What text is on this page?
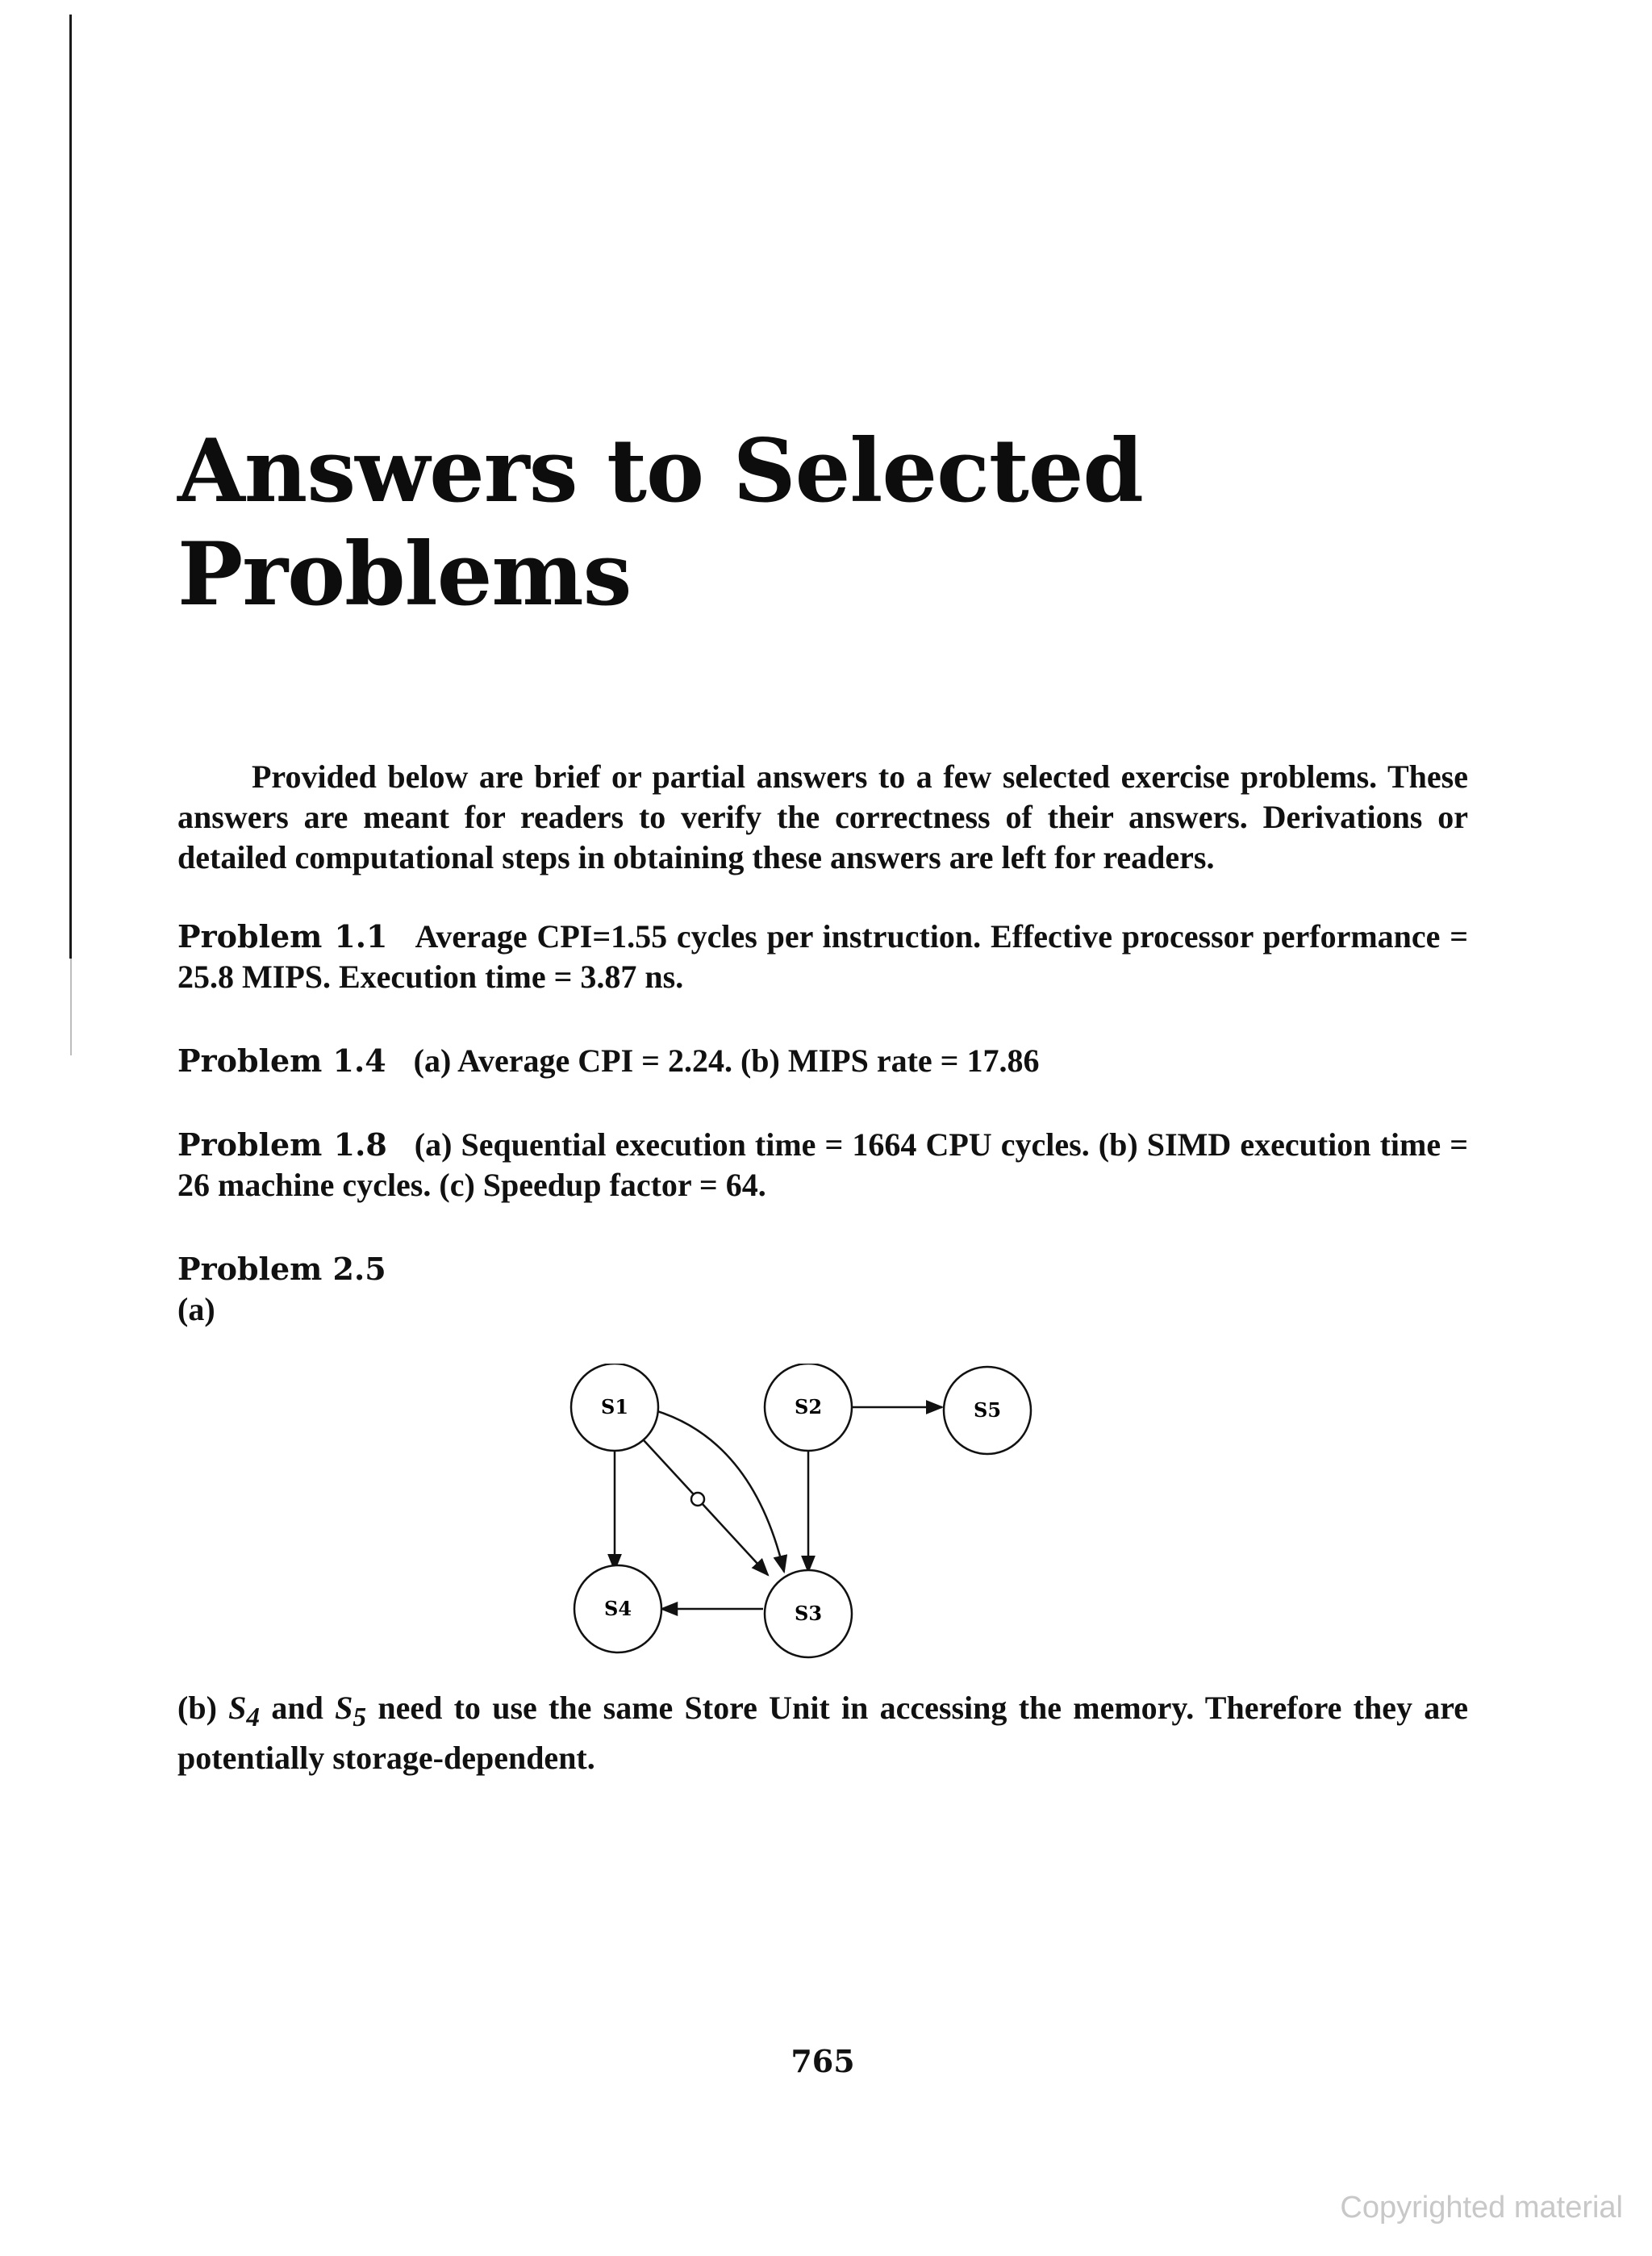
Answers to Selected
Problems

Provided below are brief or partial answers to a few selected exercise problems. These answers are meant for readers to verify the correctness of their answers. Derivations or detailed computational steps in obtaining these answers are left for readers.

Problem 1.1 Average CPI=1.55 cycles per instruction. Effective processor performance = 25.8 MIPS. Execution time = 3.87 ns.

Problem 1.4 (a) Average CPI = 2.24. (b) MIPS rate = 17.86

Problem 1.8 (a) Sequential execution time = 1664 CPU cycles. (b) SIMD execution time = 26 machine cycles. (c) Speedup factor = 64.

Problem 2.5
(a)

S1	S2	S5
S4	S3

(b) $S_4$ and $S_5$ need to use the same Store Unit in accessing the memory. Therefore they are potentially storage-dependent.

765

Copyrighted material
